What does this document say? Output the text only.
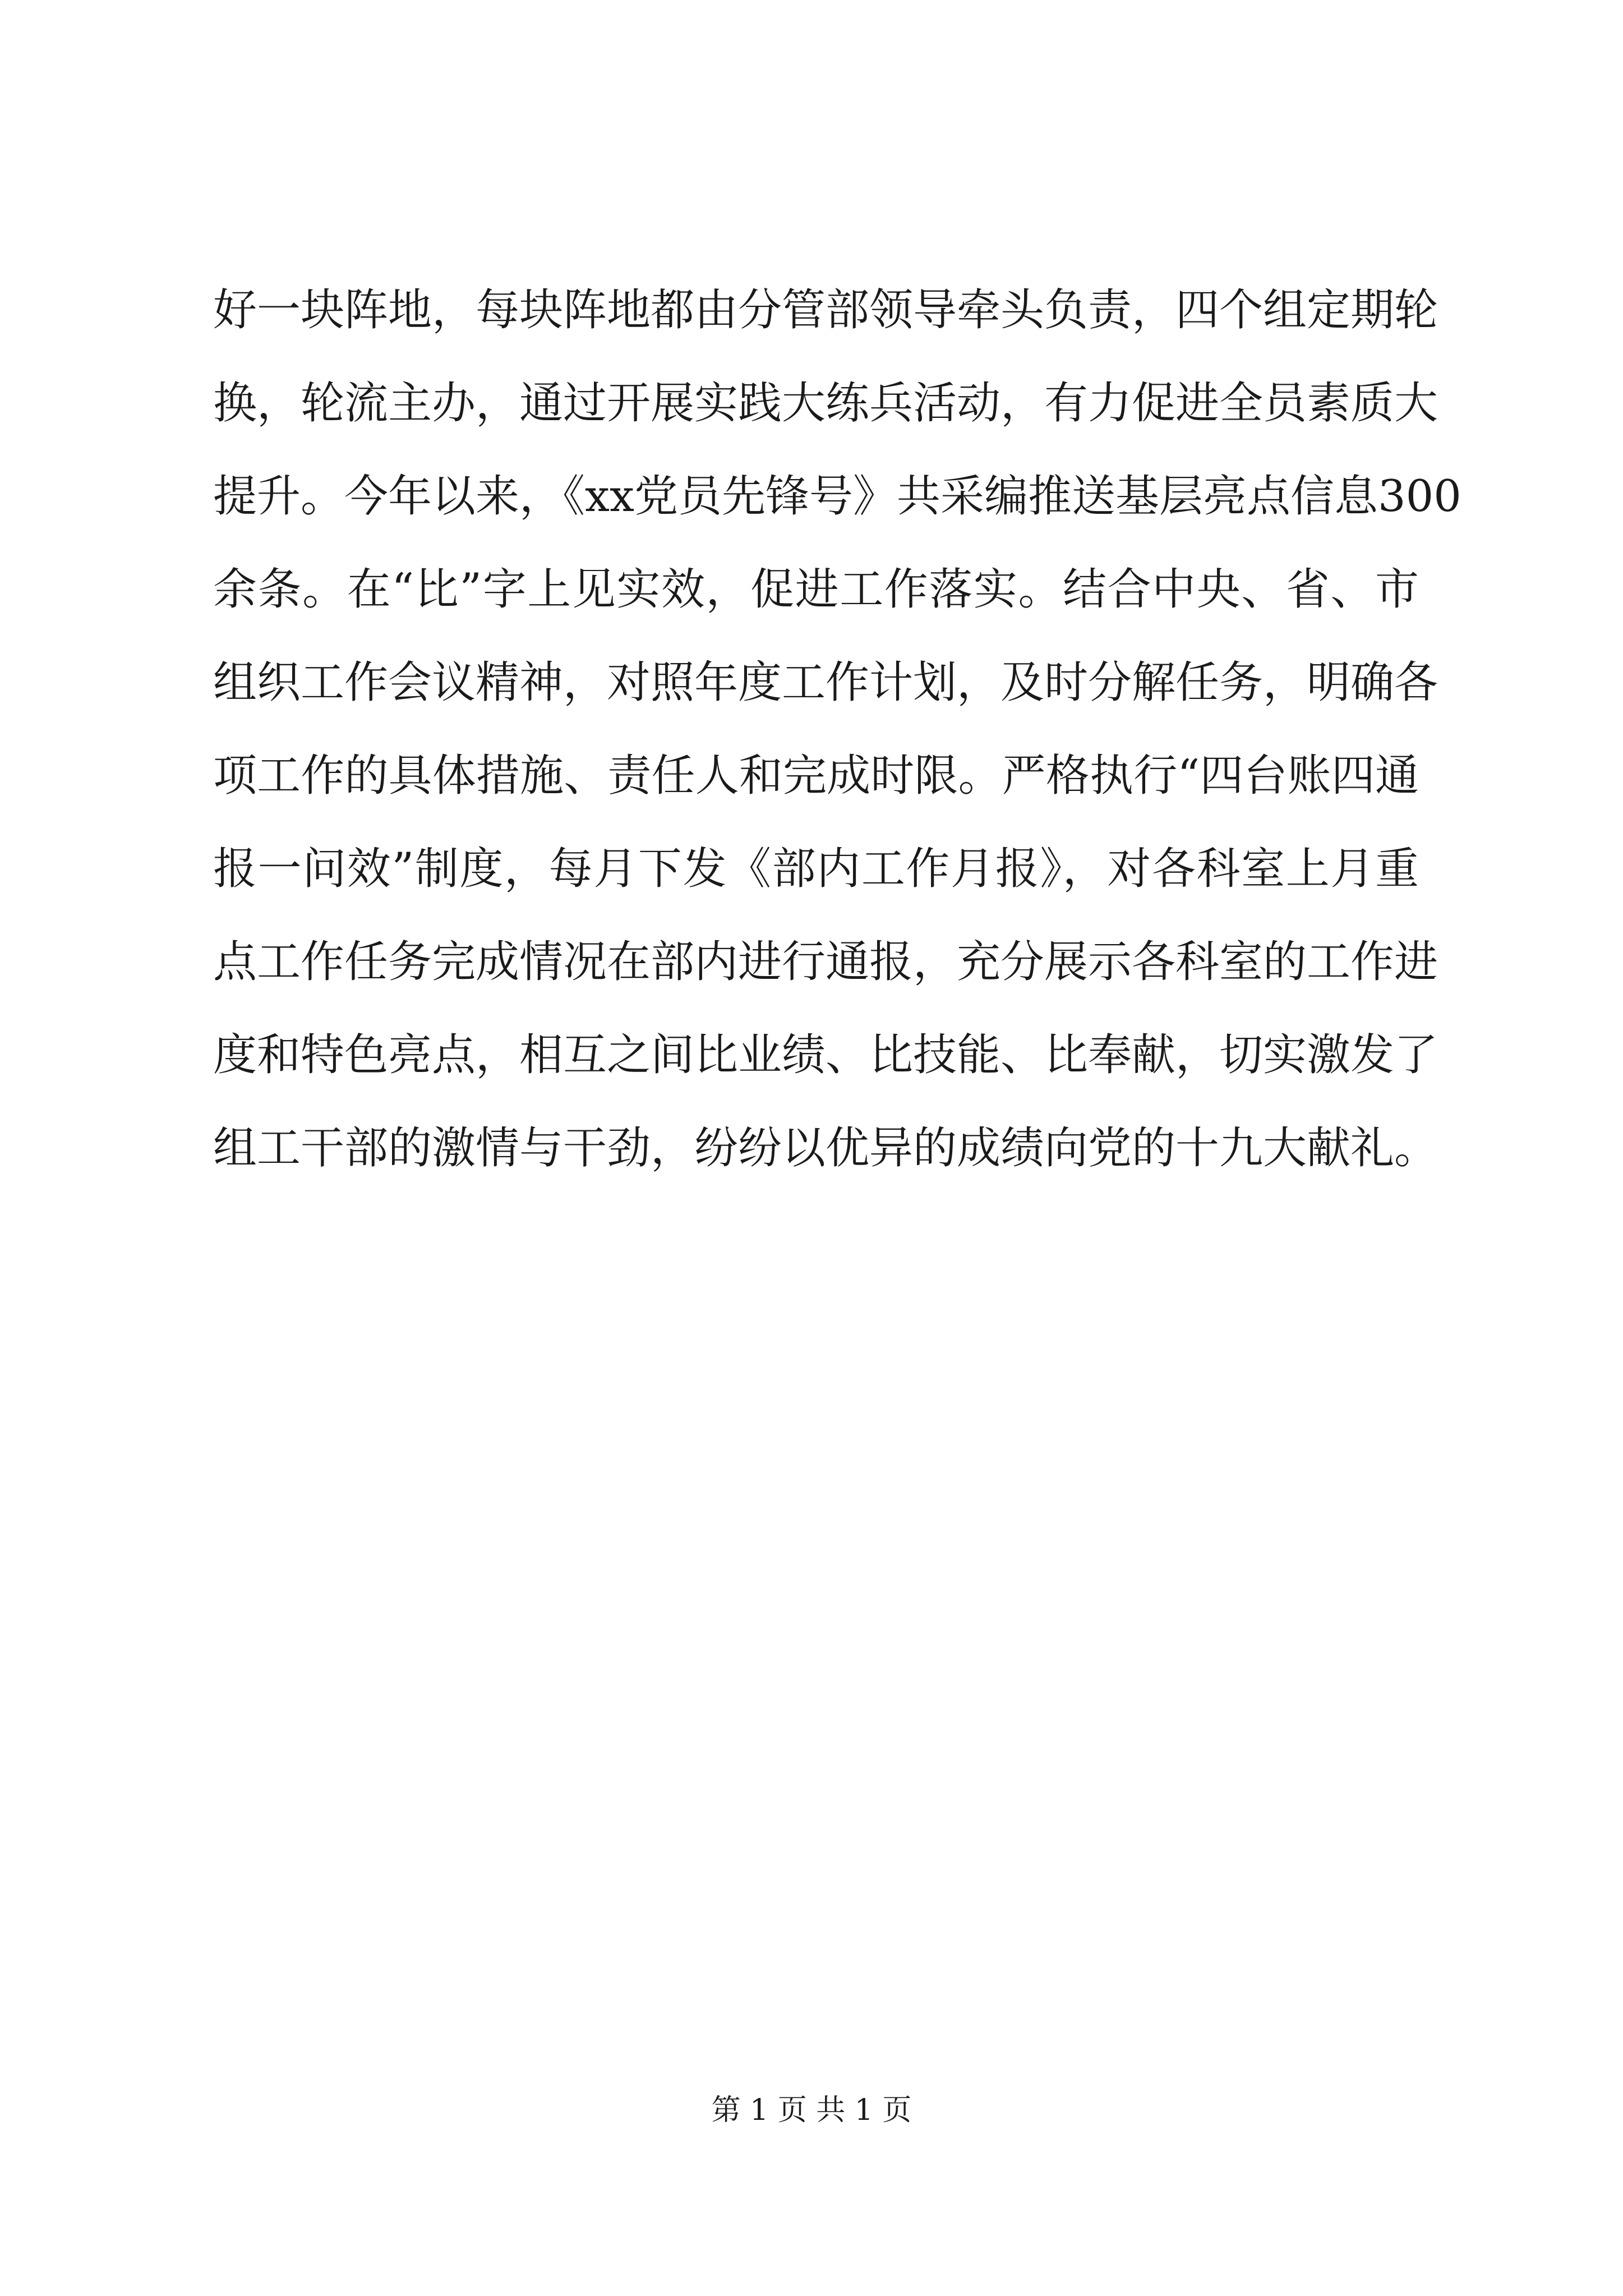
好一块阵地，每块阵地都由分管部领导牵头负责，四个组定期轮
换，轮流主办，通过开展实践大练兵活动，有力促进全员素质大
提升。今年以来，《xx党员先锋号》共采编推送基层亮点信息300
余条。在“比”字上见实效，促进工作落实。结合中央、省、市
组织工作会议精神，对照年度工作计划，及时分解任务，明确各
项工作的具体措施、责任人和完成时限。严格执行“四台账四通
报一问效”制度，每月下发《部内工作月报》，对各科室上月重
点工作任务完成情况在部内进行通报，充分展示各科室的工作进
度和特色亮点，相互之间比业绩、比技能、比奉献，切实激发了
组工干部的激情与干劲，纷纷以优异的成绩向党的十九大献礼。
第 1 页 共 1 页
